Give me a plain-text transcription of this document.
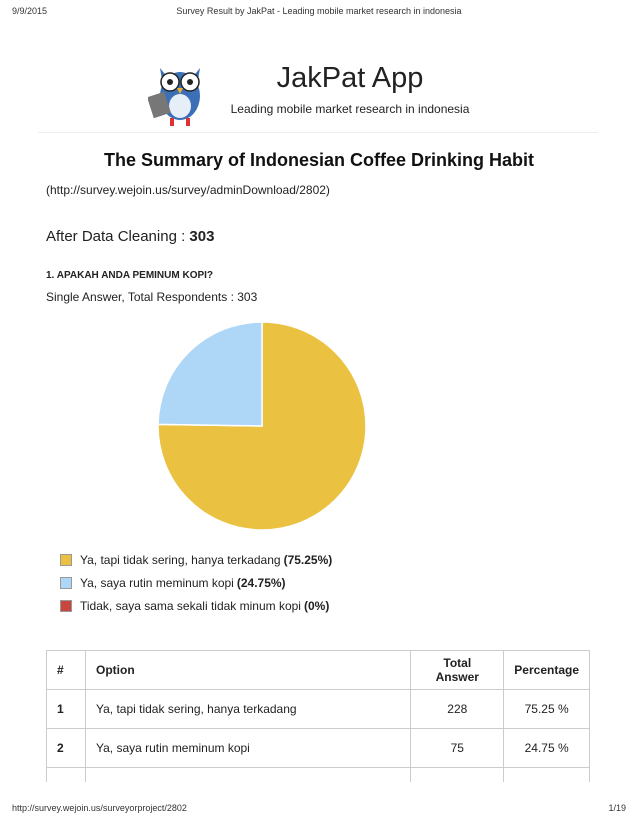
9/9/2015	Survey Result by JakPat - Leading mobile market research in indonesia
JakPat App
Leading mobile market research in indonesia
The Summary of Indonesian Coffee Drinking Habit
(http://survey.wejoin.us/survey/adminDownload/2802)
After Data Cleaning : 303
1. APAKAH ANDA PEMINUM KOPI?
Single Answer, Total Respondents : 303
Ya, tapi tidak sering, hanya terkadang (75.25%)
Ya, saya rutin meminum kopi (24.75%)
Tidak, saya sama sekali tidak minum kopi (0%)
#	Option	Total Answer	Percentage
1	Ya, tapi tidak sering, hanya terkadang	228	75.25 %
2	Ya, saya rutin meminum kopi	75	24.75 %

http://survey.wejoin.us/surveyorproject/2802	1/19
